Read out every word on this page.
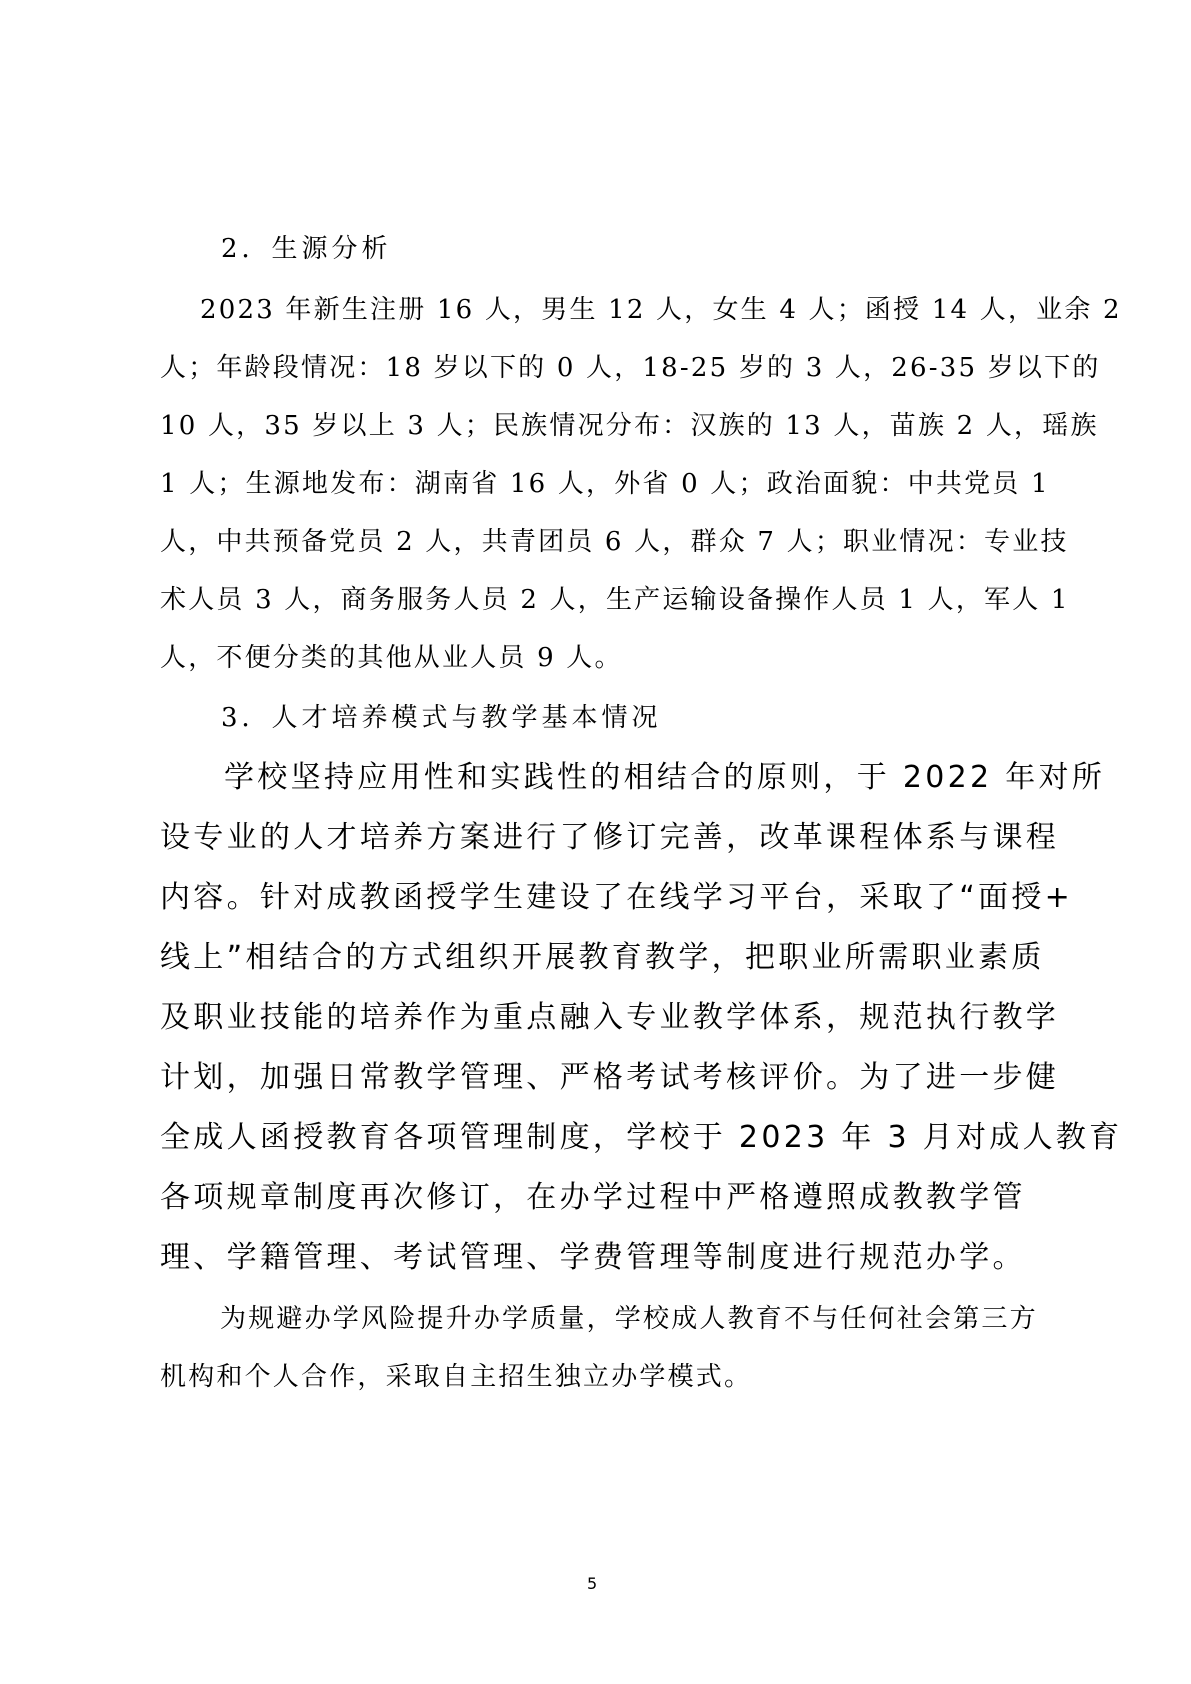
2．生源分析

2023 年新生注册 16 人，男生 12 人，女生 4 人；函授 14 人，业余 2

人；年龄段情况：18 岁以下的 0 人，18-25 岁的 3 人，26-35 岁以下的

10 人，35 岁以上 3 人；民族情况分布：汉族的 13 人，苗族 2 人，瑶族

1 人；生源地发布：湖南省 16 人，外省 0 人；政治面貌：中共党员 1

人，中共预备党员 2 人，共青团员 6 人，群众 7 人；职业情况：专业技

术人员 3 人，商务服务人员 2 人，生产运输设备操作人员 1 人，军人 1

人，不便分类的其他从业人员 9 人。

3．人才培养模式与教学基本情况

学校坚持应用性和实践性的相结合的原则，于 2022 年对所

设专业的人才培养方案进行了修订完善，改革课程体系与课程

内容。针对成教函授学生建设了在线学习平台，采取了“面授+

线上”相结合的方式组织开展教育教学，把职业所需职业素质

及职业技能的培养作为重点融入专业教学体系，规范执行教学

计划，加强日常教学管理、严格考试考核评价。为了进一步健

全成人函授教育各项管理制度，学校于 2023 年 3 月对成人教育

各项规章制度再次修订，在办学过程中严格遵照成教教学管

理、学籍管理、考试管理、学费管理等制度进行规范办学。

为规避办学风险提升办学质量，学校成人教育不与任何社会第三方

机构和个人合作，采取自主招生独立办学模式。

5
